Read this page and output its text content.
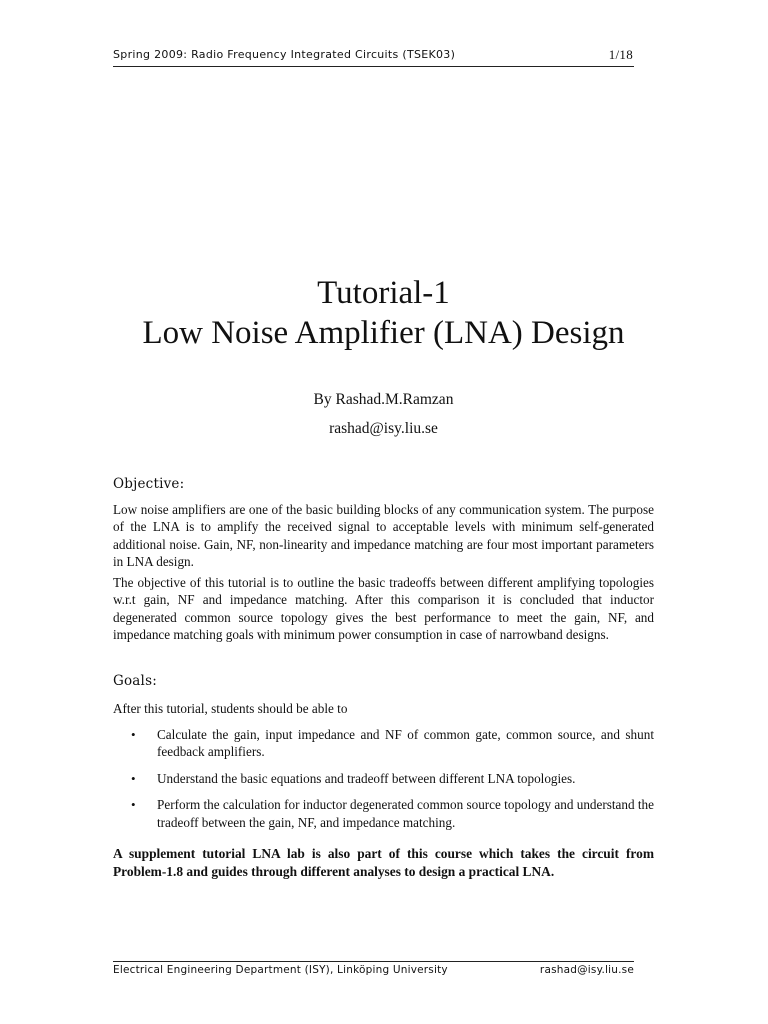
Spring 2009: Radio Frequency Integrated Circuits (TSEK03)	1/18
Tutorial-1
Low Noise Amplifier (LNA) Design
By Rashad.M.Ramzan
rashad@isy.liu.se
Objective:

Low noise amplifiers are one of the basic building blocks of any communication system. The purpose of the LNA is to amplify the received signal to acceptable levels with minimum self-generated additional noise. Gain, NF, non-linearity and impedance matching are four most important parameters in LNA design.

The objective of this tutorial is to outline the basic tradeoffs between different amplifying topologies w.r.t gain, NF and impedance matching. After this comparison it is concluded that inductor degenerated common source topology gives the best performance to meet the gain, NF, and impedance matching goals with minimum power consumption in case of narrowband designs.

Goals:

After this tutorial, students should be able to

• Calculate the gain, input impedance and NF of common gate, common source, and shunt feedback amplifiers.
• Understand the basic equations and tradeoff between different LNA topologies.
• Perform the calculation for inductor degenerated common source topology and understand the tradeoff between the gain, NF, and impedance matching.

A supplement tutorial LNA lab is also part of this course which takes the circuit from Problem-1.8 and guides through different analyses to design a practical LNA.

Electrical Engineering Department (ISY), Linköping University	rashad@isy.liu.se
